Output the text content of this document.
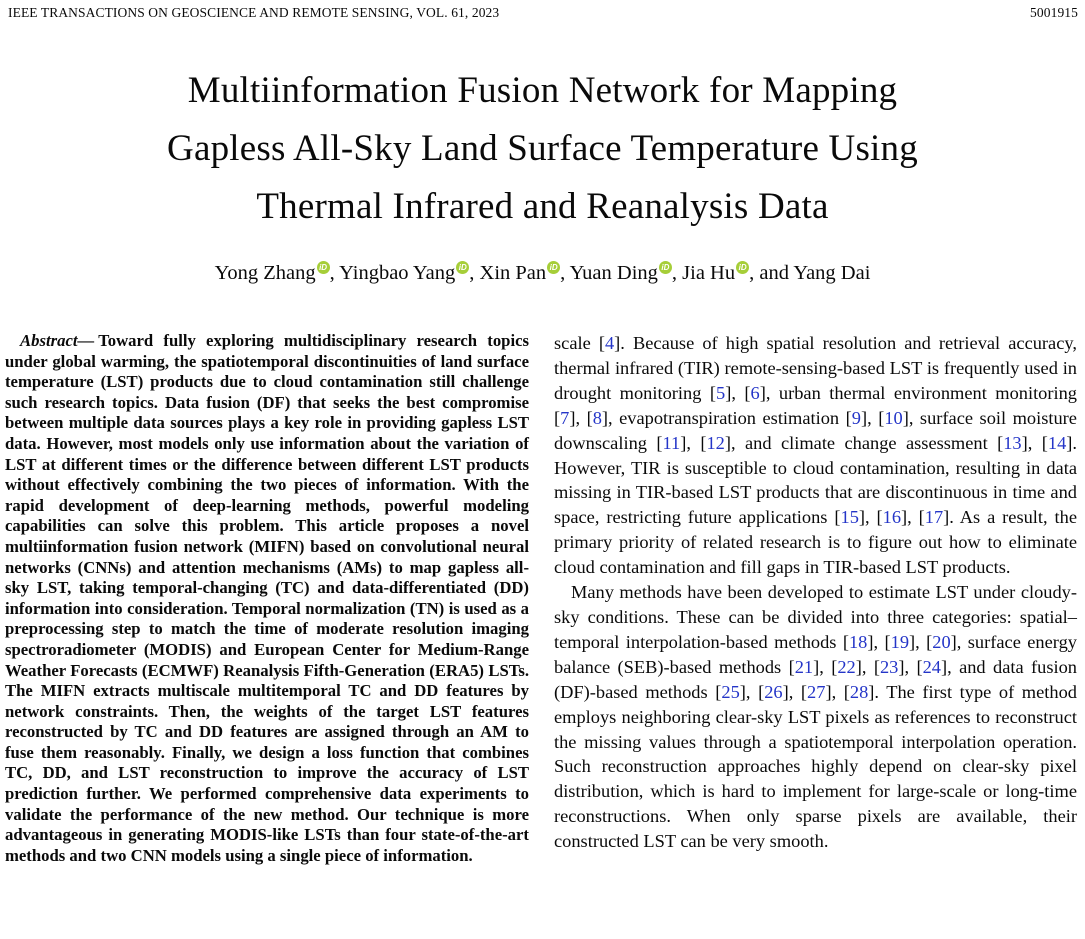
IEEE TRANSACTIONS ON GEOSCIENCE AND REMOTE SENSING, VOL. 61, 2023	5001915
Multiinformation Fusion Network for Mapping
Gapless All-Sky Land Surface Temperature Using
Thermal Infrared and Reanalysis Data
Yong Zhang iD , Yingbao Yang iD , Xin Pan iD , Yuan Ding iD , Jia Hu iD , and Yang Dai

Abstract— Toward fully exploring multidisciplinary research topics under global warming, the spatiotemporal discontinuities of land surface temperature (LST) products due to cloud contamination still challenge such research topics. Data fusion (DF) that seeks the best compromise between multiple data sources plays a key role in providing gapless LST data. However, most models only use information about the variation of LST at different times or the difference between different LST products without effectively combining the two pieces of information. With the rapid development of deep-learning methods, powerful modeling capabilities can solve this problem. This article proposes a novel multiinformation fusion network (MIFN) based on convolutional neural networks (CNNs) and attention mechanisms (AMs) to map gapless all-sky LST, taking temporal-changing (TC) and data-differentiated (DD) information into consideration. Temporal normalization (TN) is used as a preprocessing step to match the time of moderate resolution imaging spectroradiometer (MODIS) and European Center for Medium-Range Weather Forecasts (ECMWF) Reanalysis Fifth-Generation (ERA5) LSTs. The MIFN extracts multiscale multitemporal TC and DD features by network constraints. Then, the weights of the target LST features reconstructed by TC and DD features are assigned through an AM to fuse them reasonably. Finally, we design a loss function that combines TC, DD, and LST reconstruction to improve the accuracy of LST prediction further. We performed comprehensive data experiments to validate the performance of the new method. Our technique is more advantageous in generating MODIS-like LSTs than four state-of-the-art methods and two CNN models using a single piece of information.

scale [4]. Because of high spatial resolution and retrieval accuracy, thermal infrared (TIR) remote-sensing-based LST is frequently used in drought monitoring [5], [6], urban thermal environment monitoring [7], [8], evapotranspiration estimation [9], [10], surface soil moisture downscaling [11], [12], and climate change assessment [13], [14]. However, TIR is susceptible to cloud contamination, resulting in data missing in TIR-based LST products that are discontinuous in time and space, restricting future applications [15], [16], [17]. As a result, the primary priority of related research is to figure out how to eliminate cloud contamination and fill gaps in TIR-based LST products.

Many methods have been developed to estimate LST under cloudy-sky conditions. These can be divided into three categories: spatial–temporal interpolation-based methods [18], [19], [20], surface energy balance (SEB)-based methods [21], [22], [23], [24], and data fusion (DF)-based methods [25], [26], [27], [28]. The first type of method employs neighboring clear-sky LST pixels as references to reconstruct the missing values through a spatiotemporal interpolation operation. Such reconstruction approaches highly depend on clear-sky pixel distribution, which is hard to implement for large-scale or long-time reconstructions. When only sparse pixels are available, their constructed LST can be very smooth.
